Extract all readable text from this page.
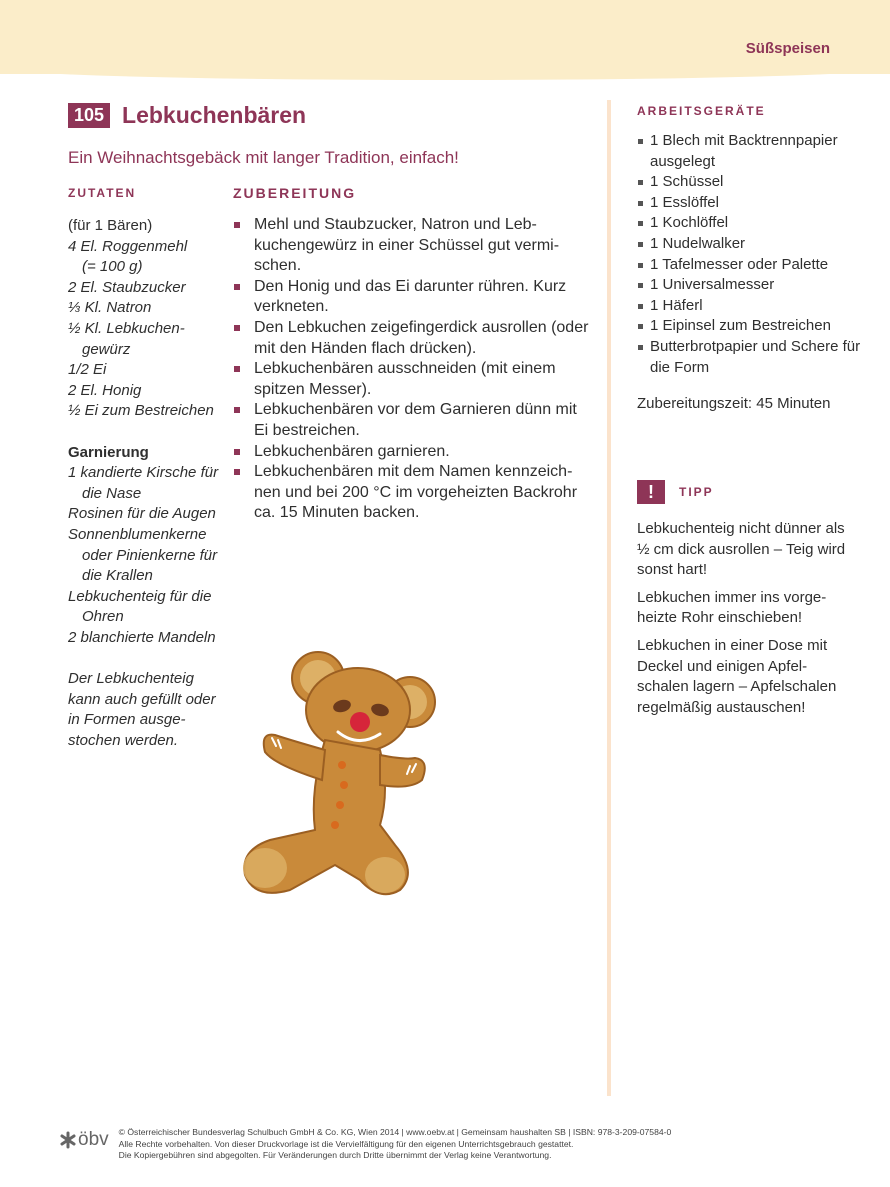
Süßspeisen
105 Lebkuchenbären
Ein Weihnachtsgebäck mit langer Tradition, einfach!
ZUTATEN
(für 1 Bären)
4 El. Roggenmehl
(= 100 g)
2 El. Staubzucker
⅓ Kl. Natron
½ Kl. Lebkuchen-
gewürz
1/2 Ei
2 El. Honig
½ Ei zum Bestreichen
Garnierung
1 kandierte Kirsche für
die Nase
Rosinen für die Augen
Sonnenblumenkerne
oder Pinienkerne für
die Krallen
Lebkuchenteig für die
Ohren
2 blanchierte Mandeln
Der Lebkuchenteig
kann auch gefüllt oder
in Formen ausge-
stochen werden.
ZUBEREITUNG
Mehl und Staubzucker, Natron und Lebkuchengewürz in einer Schüssel gut vermischen.
Den Honig und das Ei darunter rühren. Kurz verkneten.
Den Lebkuchen zeigefingerdick ausrollen (oder mit den Händen flach drücken).
Lebkuchenbären ausschneiden (mit einem spitzen Messer).
Lebkuchenbären vor dem Garnieren dünn mit Ei bestreichen.
Lebkuchenbären garnieren.
Lebkuchenbären mit dem Namen kennzeichnen und bei 200 °C im vorgeheizten Backrohr ca. 15 Minuten backen.
ARBEITSGERÄTE
1 Blech mit Backtrennpapier ausgelegt
1 Schüssel
1 Esslöffel
1 Kochlöffel
1 Nudelwalker
1 Tafelmesser oder Palette
1 Universalmesser
1 Häferl
1 Eipinsel zum Bestreichen
Butterbrotpapier und Schere für die Form
Zubereitungszeit: 45 Minuten
!	TIPP

Lebkuchenteig nicht dünner als ½ cm dick ausrollen – Teig wird sonst hart!

Lebkuchen immer ins vorgeheizte Rohr einschieben!

Lebkuchen in einer Dose mit Deckel und einigen Apfelschalen lagern – Apfelschalen regelmäßig austauschen!

öbv © Österreichischer Bundesverlag Schulbuch GmbH & Co. KG, Wien 2014 | www.oebv.at | Gemeinsam haushalten SB | ISBN: 978-3-209-07584-0
Alle Rechte vorbehalten. Von dieser Druckvorlage ist die Vervielfältigung für den eigenen Unterrichtsgebrauch gestattet.
Die Kopiergebühren sind abgegolten. Für Veränderungen durch Dritte übernimmt der Verlag keine Verantwortung.
